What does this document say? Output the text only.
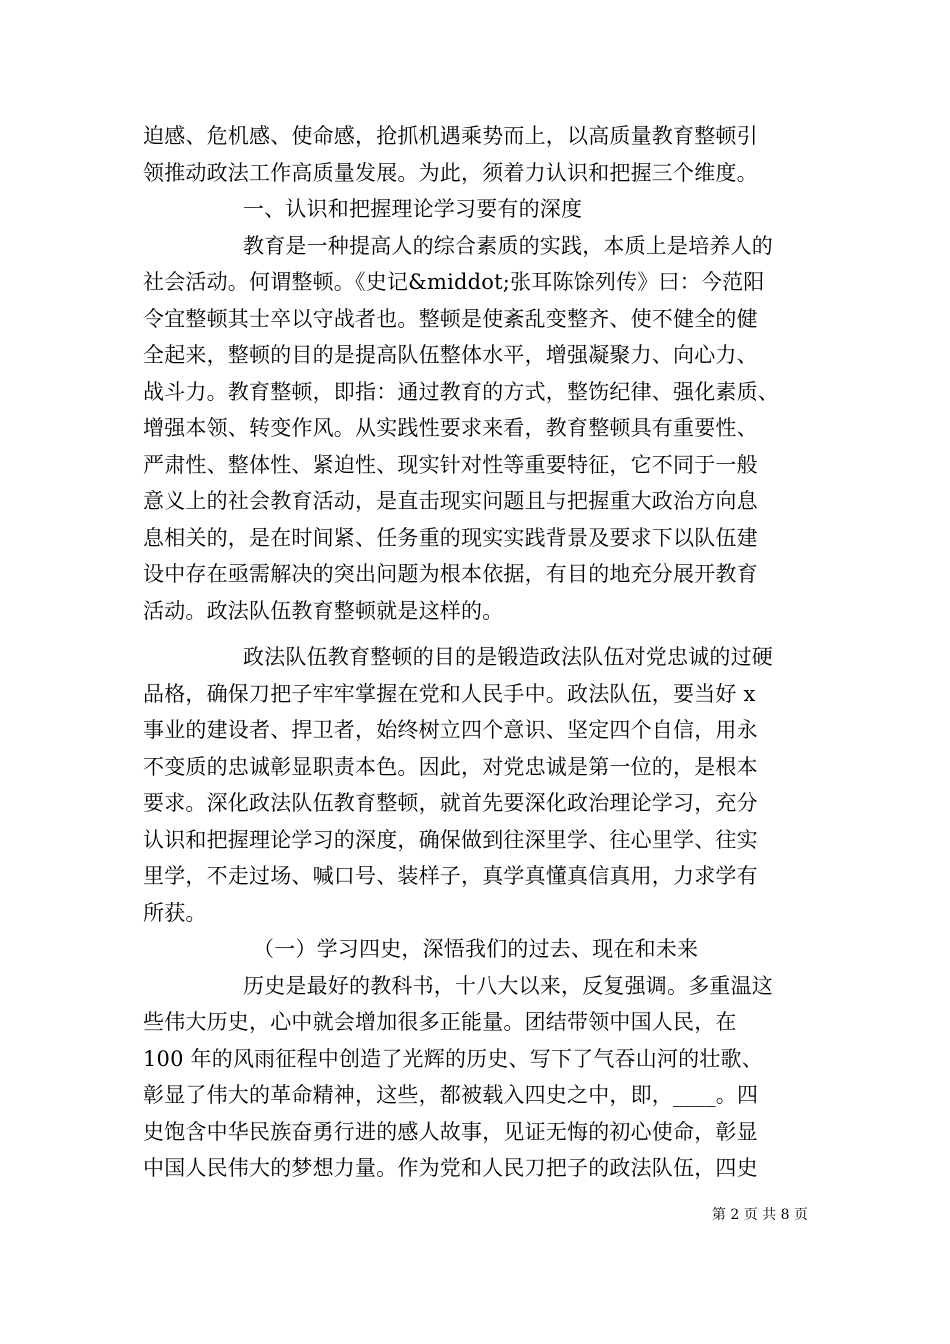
迫感、危机感、使命感，抢抓机遇乘势而上，以高质量教育整顿引
领推动政法工作高质量发展。为此，须着力认识和把握三个维度。
一、认识和把握理论学习要有的深度
教育是一种提高人的综合素质的实践，本质上是培养人的
社会活动。何谓整顿。《史记&middot;张耳陈馀列传》曰：今范阳
令宜整顿其士卒以守战者也。整顿是使紊乱变整齐、使不健全的健
全起来，整顿的目的是提高队伍整体水平，增强凝聚力、向心力、
战斗力。教育整顿，即指：通过教育的方式，整饬纪律、强化素质、
增强本领、转变作风。从实践性要求来看，教育整顿具有重要性、
严肃性、整体性、紧迫性、现实针对性等重要特征，它不同于一般
意义上的社会教育活动，是直击现实问题且与把握重大政治方向息
息相关的，是在时间紧、任务重的现实实践背景及要求下以队伍建
设中存在亟需解决的突出问题为根本依据，有目的地充分展开教育
活动。政法队伍教育整顿就是这样的。
政法队伍教育整顿的目的是锻造政法队伍对党忠诚的过硬
品格，确保刀把子牢牢掌握在党和人民手中。政法队伍，要当好 x
事业的建设者、捍卫者，始终树立四个意识、坚定四个自信，用永
不变质的忠诚彰显职责本色。因此，对党忠诚是第一位的，是根本
要求。深化政法队伍教育整顿，就首先要深化政治理论学习，充分
认识和把握理论学习的深度，确保做到往深里学、往心里学、往实
里学，不走过场、喊口号、装样子，真学真懂真信真用，力求学有
所获。
（一）学习四史，深悟我们的过去、现在和未来
历史是最好的教科书，十八大以来，反复强调。多重温这
些伟大历史，心中就会增加很多正能量。团结带领中国人民，在
100 年的风雨征程中创造了光辉的历史、写下了气吞山河的壮歌、
彰显了伟大的革命精神，这些，都被载入四史之中，即，____。四
史饱含中华民族奋勇行进的感人故事，见证无悔的初心使命，彰显
中国人民伟大的梦想力量。作为党和人民刀把子的政法队伍，四史
第 2 页 共 8 页
